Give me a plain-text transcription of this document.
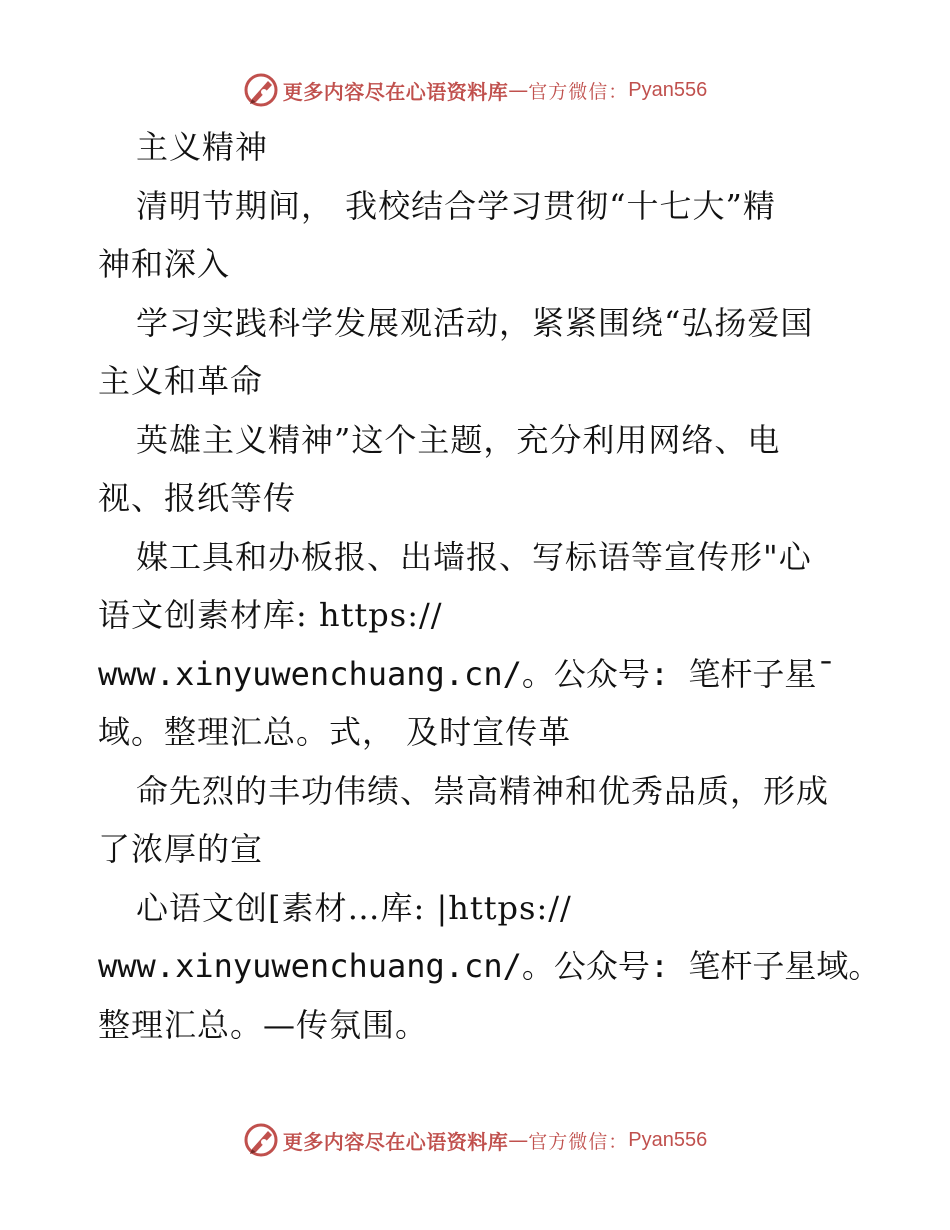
更多内容尽在心语资料库 — 官方微信： Pyan556
主义精神
清明节期间， 我校结合学习贯彻“十七大”精
神和深入
学习实践科学发展观活动，紧紧围绕“弘扬爱国
主义和革命
英雄主义精神”这个主题，充分利用网络、电
视、报纸等传
媒工具和办板报、出墙报、写标语等宣传形"心
语文创素材库: https://
www.xinyuwenchuang.cn/。公众号: 笔杆子星¯
域。整理汇总。式， 及时宣传革
命先烈的丰功伟绩、崇高精神和优秀品质，形成
了浓厚的宣
心语文创[素材…库: |https://
www.xinyuwenchuang.cn/。公众号: 笔杆子星域。
整理汇总。—传氛围。
更多内容尽在心语资料库 — 官方微信： Pyan556
